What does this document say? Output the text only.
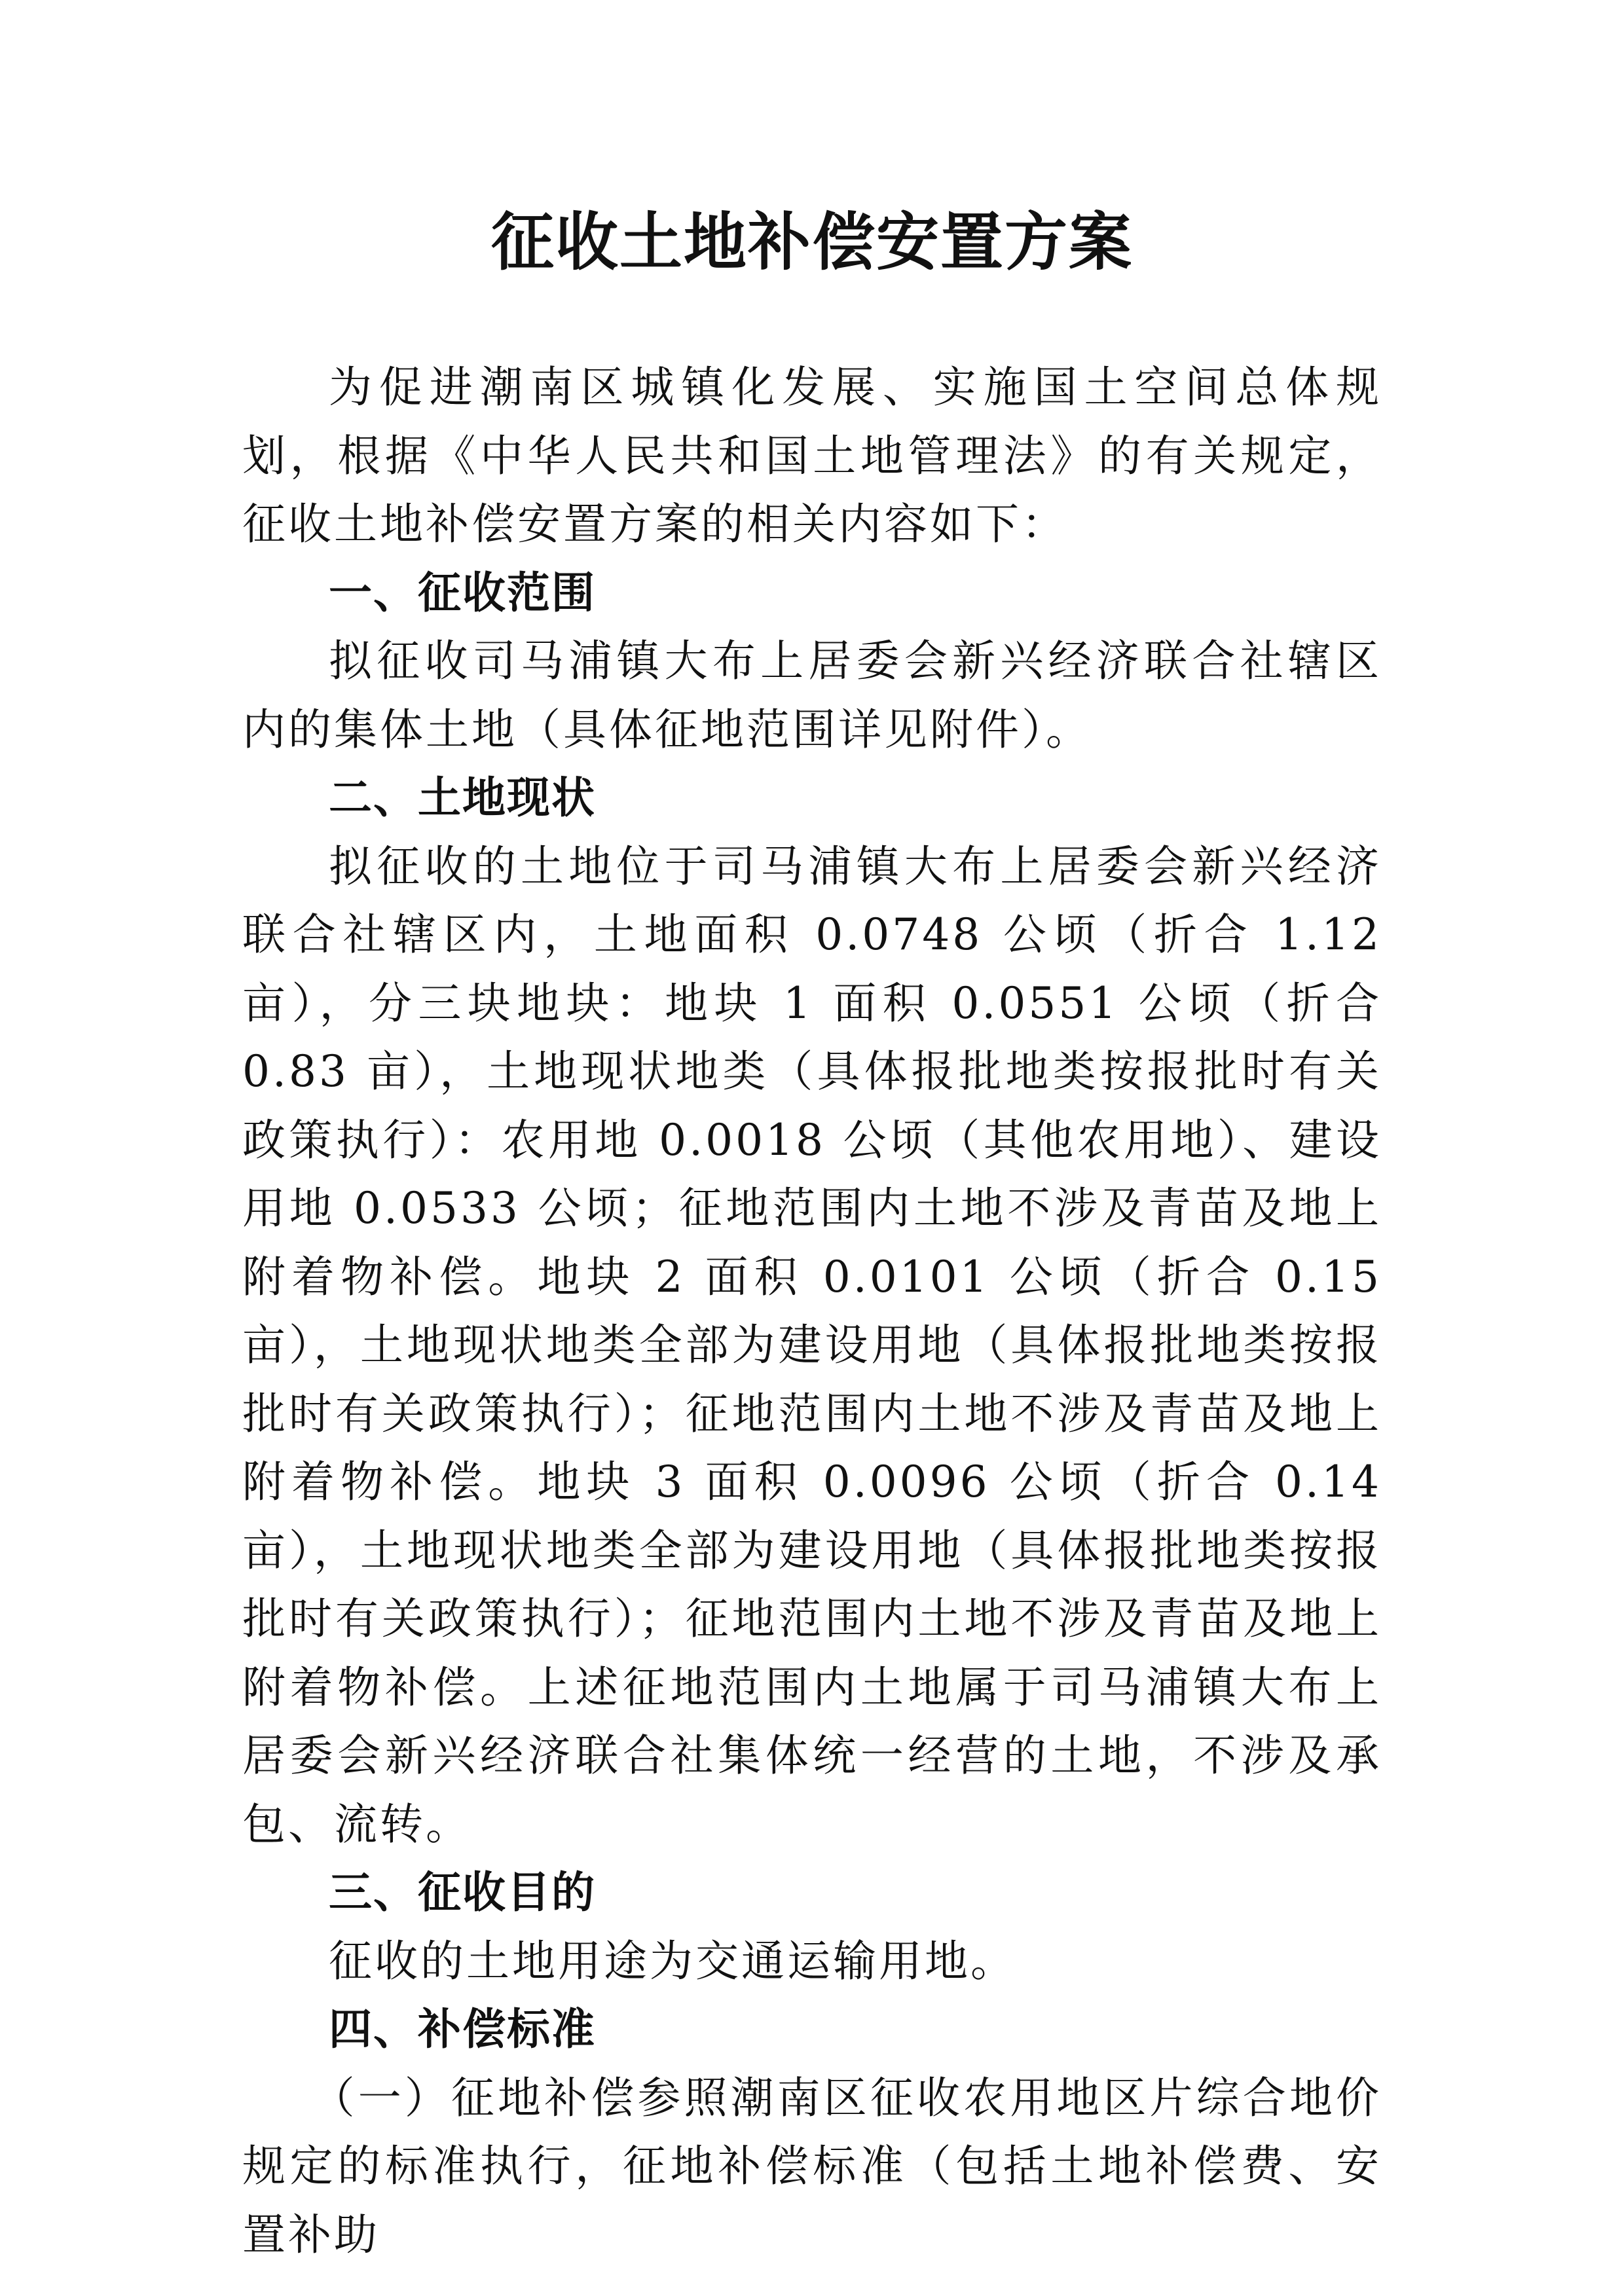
征收土地补偿安置方案

为促进潮南区城镇化发展、实施国土空间总体规划，根据《中华人民共和国土地管理法》的有关规定，征收土地补偿安置方案的相关内容如下：

一、征收范围

拟征收司马浦镇大布上居委会新兴经济联合社辖区内的集体土地（具体征地范围详见附件）。

二、土地现状

拟征收的土地位于司马浦镇大布上居委会新兴经济联合社辖区内，土地面积 0.0748 公顷（折合 1.12 亩），分三块地块：地块 1 面积 0.0551 公顷（折合 0.83 亩），土地现状地类（具体报批地类按报批时有关政策执行）：农用地 0.0018 公顷（其他农用地）、建设用地 0.0533 公顷；征地范围内土地不涉及青苗及地上附着物补偿。地块 2 面积 0.0101 公顷（折合 0.15 亩），土地现状地类全部为建设用地（具体报批地类按报批时有关政策执行）；征地范围内土地不涉及青苗及地上附着物补偿。地块 3 面积 0.0096 公顷（折合 0.14 亩），土地现状地类全部为建设用地（具体报批地类按报批时有关政策执行）；征地范围内土地不涉及青苗及地上附着物补偿。上述征地范围内土地属于司马浦镇大布上居委会新兴经济联合社集体统一经营的土地，不涉及承包、流转。

三、征收目的

征收的土地用途为交通运输用地。

四、补偿标准

（一）征地补偿参照潮南区征收农用地区片综合地价规定的标准执行，征地补偿标准（包括土地补偿费、安置补助
